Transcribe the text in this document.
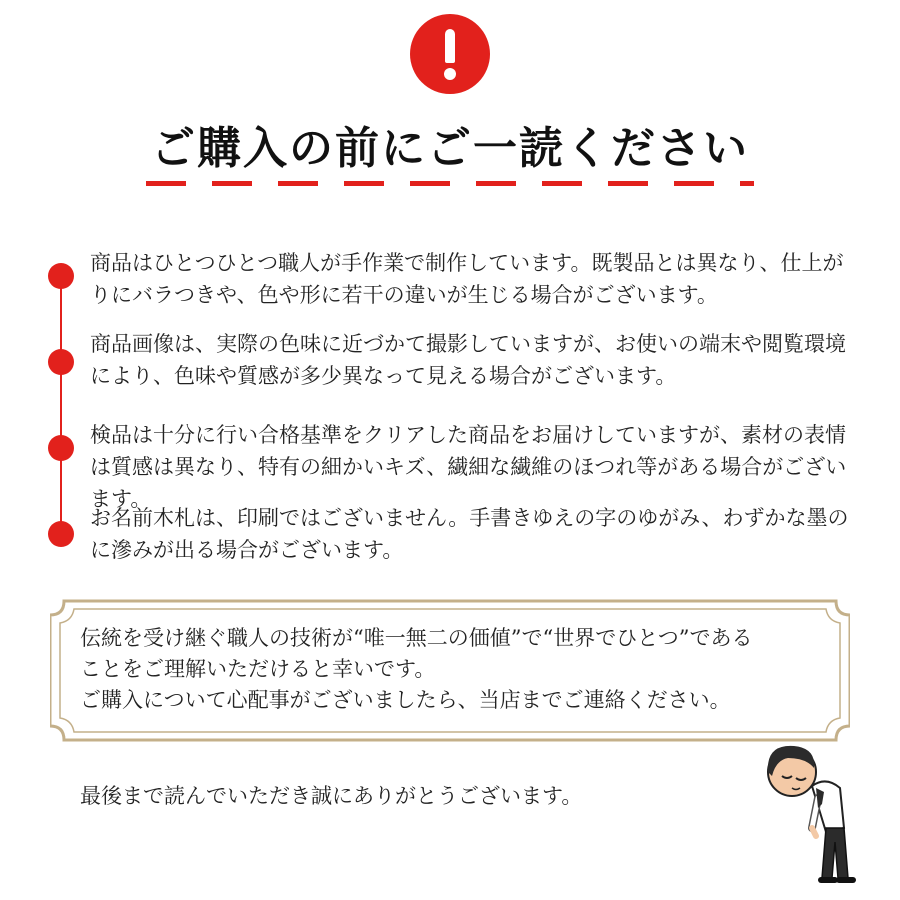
ご購入の前にご一読ください

商品はひとつひとつ職人が手作業で制作しています。既製品とは異なり、仕上がりにバラつきや、色や形に若干の違いが生じる場合がございます。

商品画像は、実際の色味に近づかて撮影していますが、お使いの端末や閲覧環境により、色味や質感が多少異なって見える場合がございます。

検品は十分に行い合格基準をクリアした商品をお届けしていますが、素材の表情は質感は異なり、特有の細かいキズ、繊細な繊維のほつれ等がある場合がございます。

お名前木札は、印刷ではございません。手書きゆえの字のゆがみ、わずかな墨のに滲みが出る場合がございます。

伝統を受け継ぐ職人の技術が“唯一無二の価値”で“世界でひとつ”である
ことをご理解いただけると幸いです。
ご購入について心配事がございましたら、当店までご連絡ください。

最後まで読んでいただき誠にありがとうございます。
